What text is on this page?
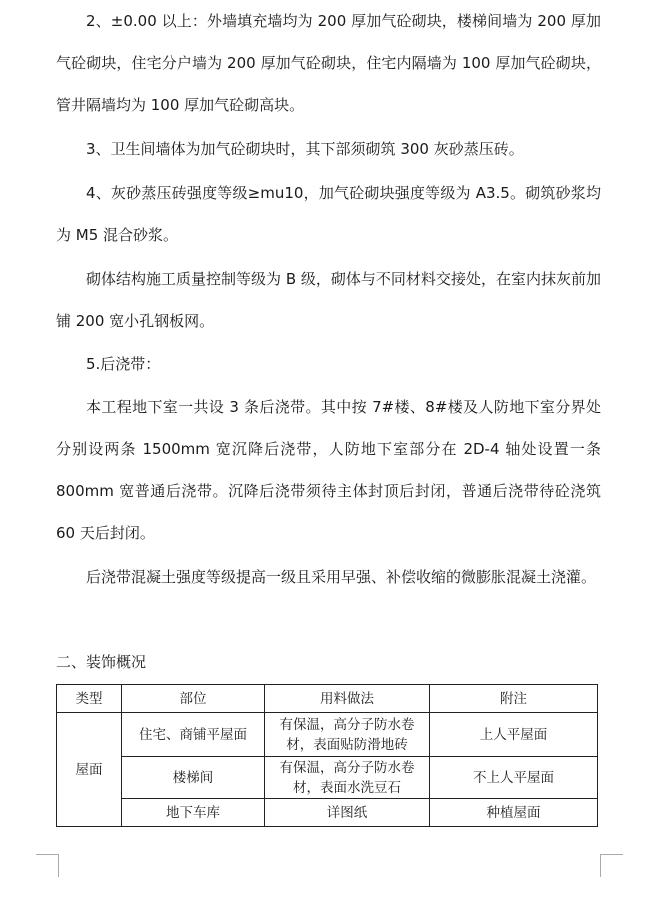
2、±0.00 以上：外墙填充墙均为 200 厚加气砼砌块，楼梯间墙为 200 厚加气砼砌块，住宅分户墙为 200 厚加气砼砌块，住宅内隔墙为 100 厚加气砼砌块，管井隔墙均为 100 厚加气砼砌高块。

3、卫生间墙体为加气砼砌块时，其下部须砌筑 300 灰砂蒸压砖。

4、灰砂蒸压砖强度等级≥mu10，加气砼砌块强度等级为 A3.5。砌筑砂浆均为 M5 混合砂浆。

砌体结构施工质量控制等级为 B 级，砌体与不同材料交接处，在室内抹灰前加铺 200 宽小孔钢板网。

5.后浇带：

本工程地下室一共设 3 条后浇带。其中按 7#楼、8#楼及人防地下室分界处分别设两条 1500mm 宽沉降后浇带，人防地下室部分在 2D-4 轴处设置一条 800mm 宽普通后浇带。沉降后浇带须待主体封顶后封闭，普通后浇带待砼浇筑 60 天后封闭。

后浇带混凝土强度等级提高一级且采用早强、补偿收缩的微膨胀混凝土浇灌。

二、装饰概况

类型	部位	用料做法	附注
屋面	住宅、商铺平屋面	有保温，高分子防水卷材，表面贴防滑地砖	上人平屋面
	楼梯间	有保温，高分子防水卷材，表面水洗豆石	不上人平屋面
	地下车库	详图纸	种植屋面
